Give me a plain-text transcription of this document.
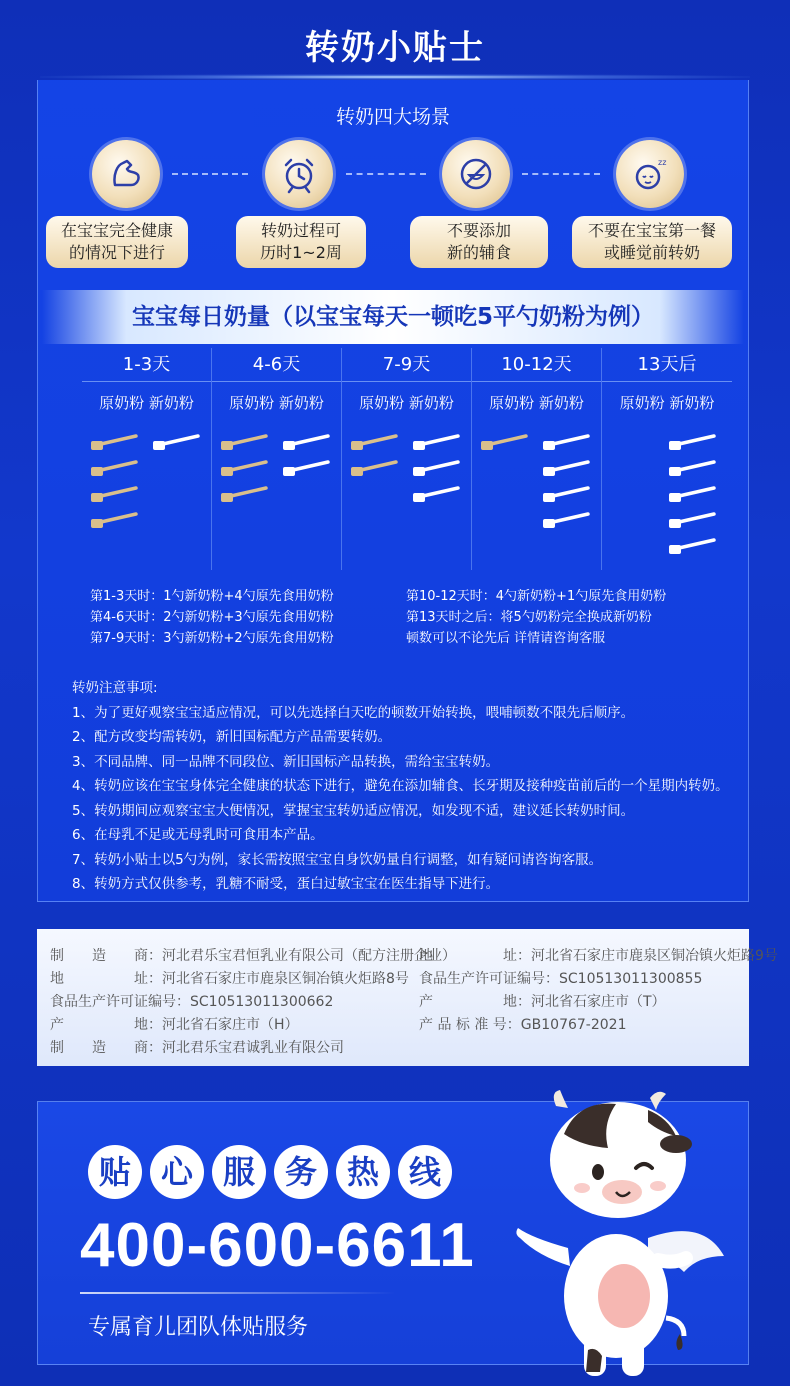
转奶小贴士
转奶四大场景
zz
在宝宝完全健康
的情况下进行
转奶过程可
历时1~2周
不要添加
新的辅食
不要在宝宝第一餐
或睡觉前转奶
宝宝每日奶量（以宝宝每天一顿吃5平勺奶粉为例）
1-3天
原奶粉 新奶粉
4-6天
原奶粉 新奶粉
7-9天
原奶粉 新奶粉
10-12天
原奶粉 新奶粉
13天后
原奶粉 新奶粉
第1-3天时：1勺新奶粉+4勺原先食用奶粉
第4-6天时：2勺新奶粉+3勺原先食用奶粉
第7-9天时：3勺新奶粉+2勺原先食用奶粉
第10-12天时：4勺新奶粉+1勺原先食用奶粉
第13天时之后：将5勺奶粉完全换成新奶粉
顿数可以不论先后 详情请咨询客服
转奶注意事项:
1、为了更好观察宝宝适应情况，可以先选择白天吃的顿数开始转换，喂哺顿数不限先后顺序。
2、配方改变均需转奶，新旧国标配方产品需要转奶。
3、不同品牌、同一品牌不同段位、新旧国标产品转换，需给宝宝转奶。
4、转奶应该在宝宝身体完全健康的状态下进行，避免在添加辅食、长牙期及接种疫苗前后的一个星期内转奶。
5、转奶期间应观察宝宝大便情况，掌握宝宝转奶适应情况，如发现不适，建议延长转奶时间。
6、在母乳不足或无母乳时可食用本产品。
7、转奶小贴士以5勺为例，家长需按照宝宝自身饮奶量自行调整，如有疑问请咨询客服。
8、转奶方式仅供参考，乳糖不耐受，蛋白过敏宝宝在医生指导下进行。
制　　造　　商：河北君乐宝君恒乳业有限公司（配方注册企业）
地　　　　　址：河北省石家庄市鹿泉区铜冶镇火炬路8号
食品生产许可证编号：SC10513011300662
产　　　　　地：河北省石家庄市（H）
制　　造　　商：河北君乐宝君诚乳业有限公司
地　　　　　址：河北省石家庄市鹿泉区铜冶镇火炬路9号
食品生产许可证编号：SC10513011300855
产　　　　　地：河北省石家庄市（T）
产 品 标 准 号：GB10767-2021
贴 心 服 务 热 线
400-600-6611
专属育儿团队体贴服务
